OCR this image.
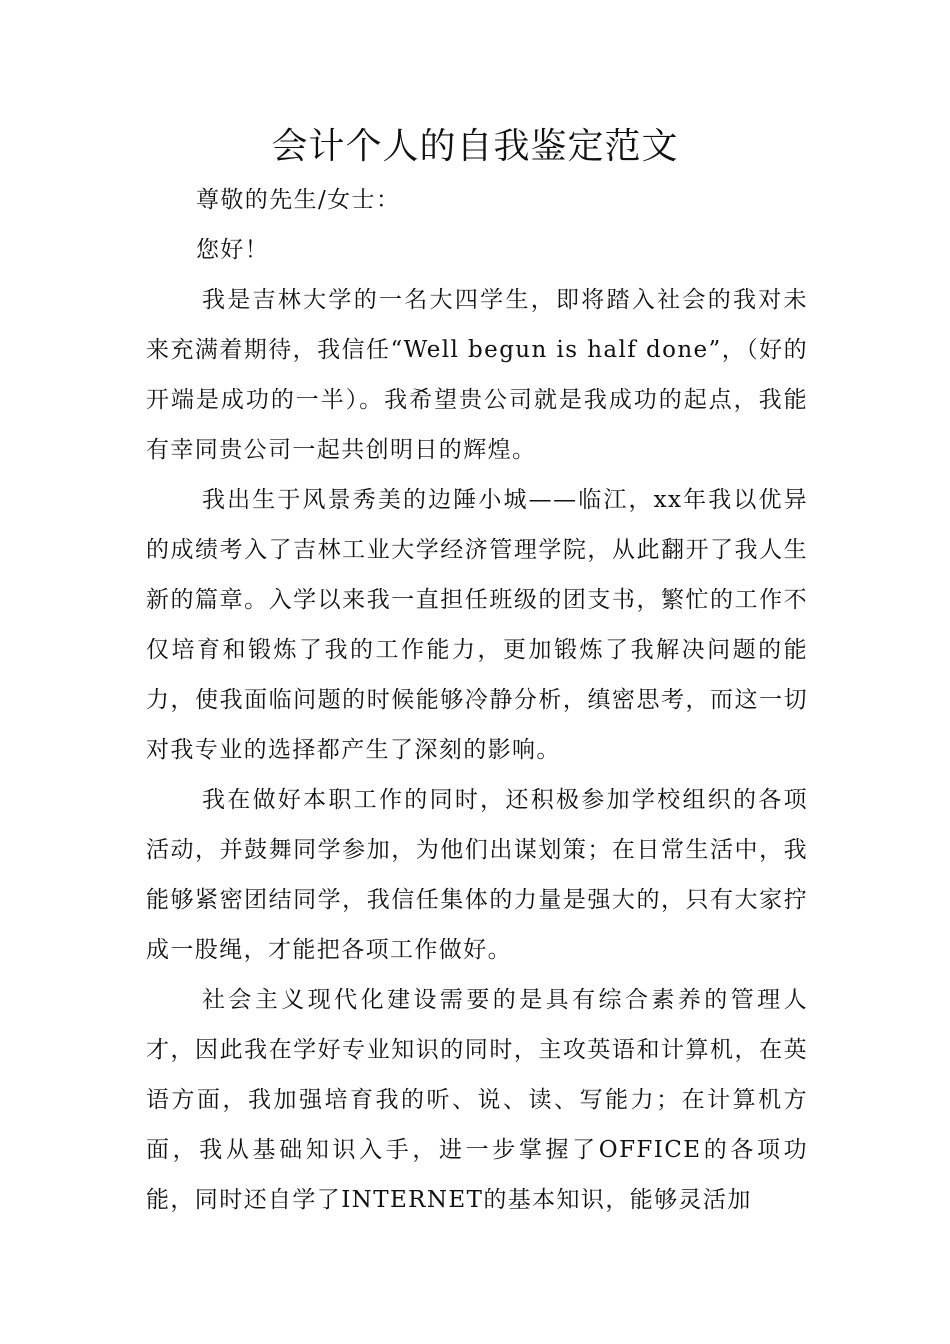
会计个人的自我鉴定范文

尊敬的先生/女士：

您好！

我是吉林大学的一名大四学生，即将踏入社会的我对未来充满着期待，我信任“Well begun is half done”，（好的开端是成功的一半）。我希望贵公司就是我成功的起点，我能有幸同贵公司一起共创明日的辉煌。

我出生于风景秀美的边陲小城——临江，xx年我以优异的成绩考入了吉林工业大学经济管理学院，从此翻开了我人生新的篇章。入学以来我一直担任班级的团支书，繁忙的工作不仅培育和锻炼了我的工作能力，更加锻炼了我解决问题的能力，使我面临问题的时候能够冷静分析，缜密思考，而这一切对我专业的选择都产生了深刻的影响。

我在做好本职工作的同时，还积极参加学校组织的各项活动，并鼓舞同学参加，为他们出谋划策；在日常生活中，我能够紧密团结同学，我信任集体的力量是强大的，只有大家拧成一股绳，才能把各项工作做好。

社会主义现代化建设需要的是具有综合素养的管理人才，因此我在学好专业知识的同时，主攻英语和计算机，在英语方面，我加强培育我的听、说、读、写能力；在计算机方面，我从基础知识入手，进一步掌握了OFFICE的各项功能，同时还自学了INTERNET的基本知识，能够灵活加
